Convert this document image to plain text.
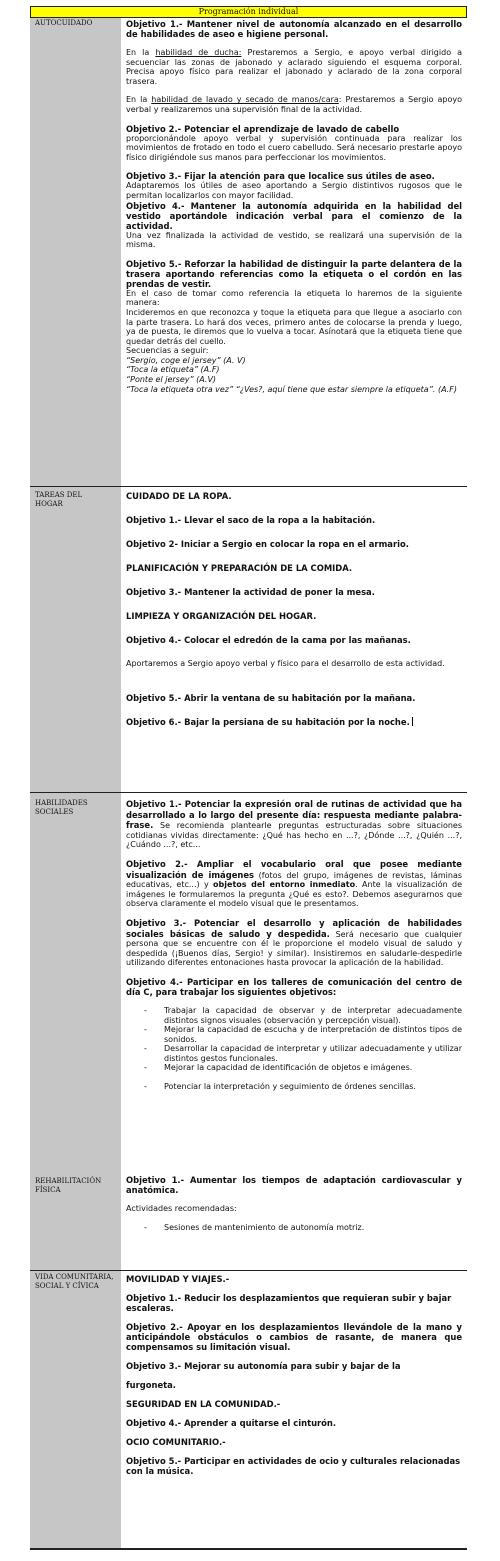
Programación individual
AUTOCUIDADO
TAREAS DEL
HOGAR
HABILIDADES SOCIALES
REHABILITACIÓN FÍSICA
VIDA COMUNITARIA, SOCIAL Y CÍVICA

Objetivo 1.- Mantener nivel de autonomía alcanzado en el desarrollo de habilidades de aseo e higiene personal.

En la habilidad de ducha: Prestaremos a Sergio, e apoyo verbal dirigido a secuenciar las zonas de jabonado y aclarado siguiendo el esquema corporal. Precisa apoyo físico para realizar el jabonado y aclarado de la zona corporal trasera.

En la habilidad de lavado y secado de manos/cara: Prestaremos a Sergio apoyo verbal y realizaremos una supervisión final de la actividad.

Objetivo 2.- Potenciar el aprendizaje de lavado de cabello

proporcionándole apoyo verbal y supervisión continuada para realizar los movimientos de frotado en todo el cuero cabelludo. Será necesario prestarle apoyo físico dirigiéndole sus manos para perfeccionar los movimientos.

Objetivo 3.- Fijar la atención para que localice sus útiles de aseo.

Adaptaremos los útiles de aseo aportando a Sergio distintivos rugosos que le permitan localizarlos con mayor facilidad.

Objetivo 4.- Mantener la autonomía adquirida en la habilidad del vestido aportándole indicación verbal para el comienzo de la actividad.

Una vez finalizada la actividad de vestido, se realizará una supervisión de la misma.

Objetivo 5.- Reforzar la habilidad de distinguir la parte delantera de la trasera aportando referencias como la etiqueta o el cordón en las prendas de vestir.

En el caso de tomar como referencia la etiqueta lo haremos de la siguiente manera:

Incideremos en que reconozca y toque la etiqueta para que llegue a asociarlo con la parte trasera. Lo hará dos veces, primero antes de colocarse la prenda y luego, ya de puesta, le diremos que lo vuelva a tocar. Asínotará que la etiqueta tiene que quedar detrás del cuello.

Secuencias a seguir:

“Sergio, coge el jersey” (A. V)

“Toca la etiqueta” (A.F)

“Ponte el jersey” (A.V)

“Toca la etiqueta otra vez” “¿Ves?, aquí tiene que estar siempre la etiqueta”. (A.F)

CUIDADO DE LA ROPA.

Objetivo 1.- Llevar el saco de la ropa a la habitación.

Objetivo 2- Iniciar a Sergio en colocar la ropa en el armario.

PLANIFICACIÓN Y PREPARACIÓN DE LA COMIDA.

Objetivo 3.- Mantener la actividad de poner la mesa.

LIMPIEZA Y ORGANIZACIÓN DEL HOGAR.

Objetivo 4.- Colocar el edredón de la cama por las mañanas.

Aportaremos a Sergio apoyo verbal y físico para el desarrollo de esta actividad.

Objetivo 5.- Abrir la ventana de su habitación por la mañana.

Objetivo 6.- Bajar la persiana de su habitación por la noche.

Objetivo 1.- Potenciar la expresión oral de rutinas de actividad que ha desarrollado a lo largo del presente día: respuesta mediante palabra-frase. Se recomienda plantearle preguntas estructuradas sobre situaciones cotidianas vividas directamente: ¿Qué has hecho en ...?, ¿Dónde ...?, ¿Quién ...?, ¿Cuándo ...?, etc...

Objetivo 2.- Ampliar el vocabulario oral que posee mediante visualización de imágenes (fotos del grupo, imágenes de revistas, láminas educativas, etc...) y objetos del entorno inmediato. Ante la visualización de imágenes le formularemos la pregunta ¿Qué es esto?. Debemos asegurarnos que observa claramente el modelo visual que le presentamos.

Objetivo 3.- Potenciar el desarrollo y aplicación de habilidades sociales básicas de saludo y despedida. Será necesario que cualquier persona que se encuentre con él le proporcione el modelo visual de saludo y despedida (¡Buenos días, Sergio! y similar). Insistiremos en saludarle-despedirle utilizando diferentes entonaciones hasta provocar la aplicación de la habilidad.

Objetivo 4.- Participar en los talleres de comunicación del centro de día C, para trabajar los siguientes objetivos:

- Trabajar la capacidad de observar y de interpretar adecuadamente distintos signos visuales (observación y percepción visual).
- Mejorar la capacidad de escucha y de interpretación de distintos tipos de sonidos.
- Desarrollar la capacidad de interpretar y utilizar adecuadamente y utilizar distintos gestos funcionales.
- Mejorar la capacidad de identificación de objetos e imágenes.
- Potenciar la interpretación y seguimiento de órdenes sencillas.

Objetivo 1.- Aumentar los tiempos de adaptación cardiovascular y anatómica.

Actividades recomendadas:

- Sesiones de mantenimiento de autonomía motriz.

MOVILIDAD Y VIAJES.-

Objetivo 1.- Reducir los desplazamientos que requieran subir y bajar escaleras.

Objetivo 2.- Apoyar en los desplazamientos llevándole de la mano y anticipándole obstáculos o cambios de rasante, de manera que compensamos su limitación visual.

Objetivo 3.- Mejorar su autonomía para subir y bajar de la

furgoneta.

SEGURIDAD EN LA COMUNIDAD.-

Objetivo 4.- Aprender a quitarse el cinturón.

OCIO COMUNITARIO.-

Objetivo 5.- Participar en actividades de ocio y culturales relacionadas con la música.
